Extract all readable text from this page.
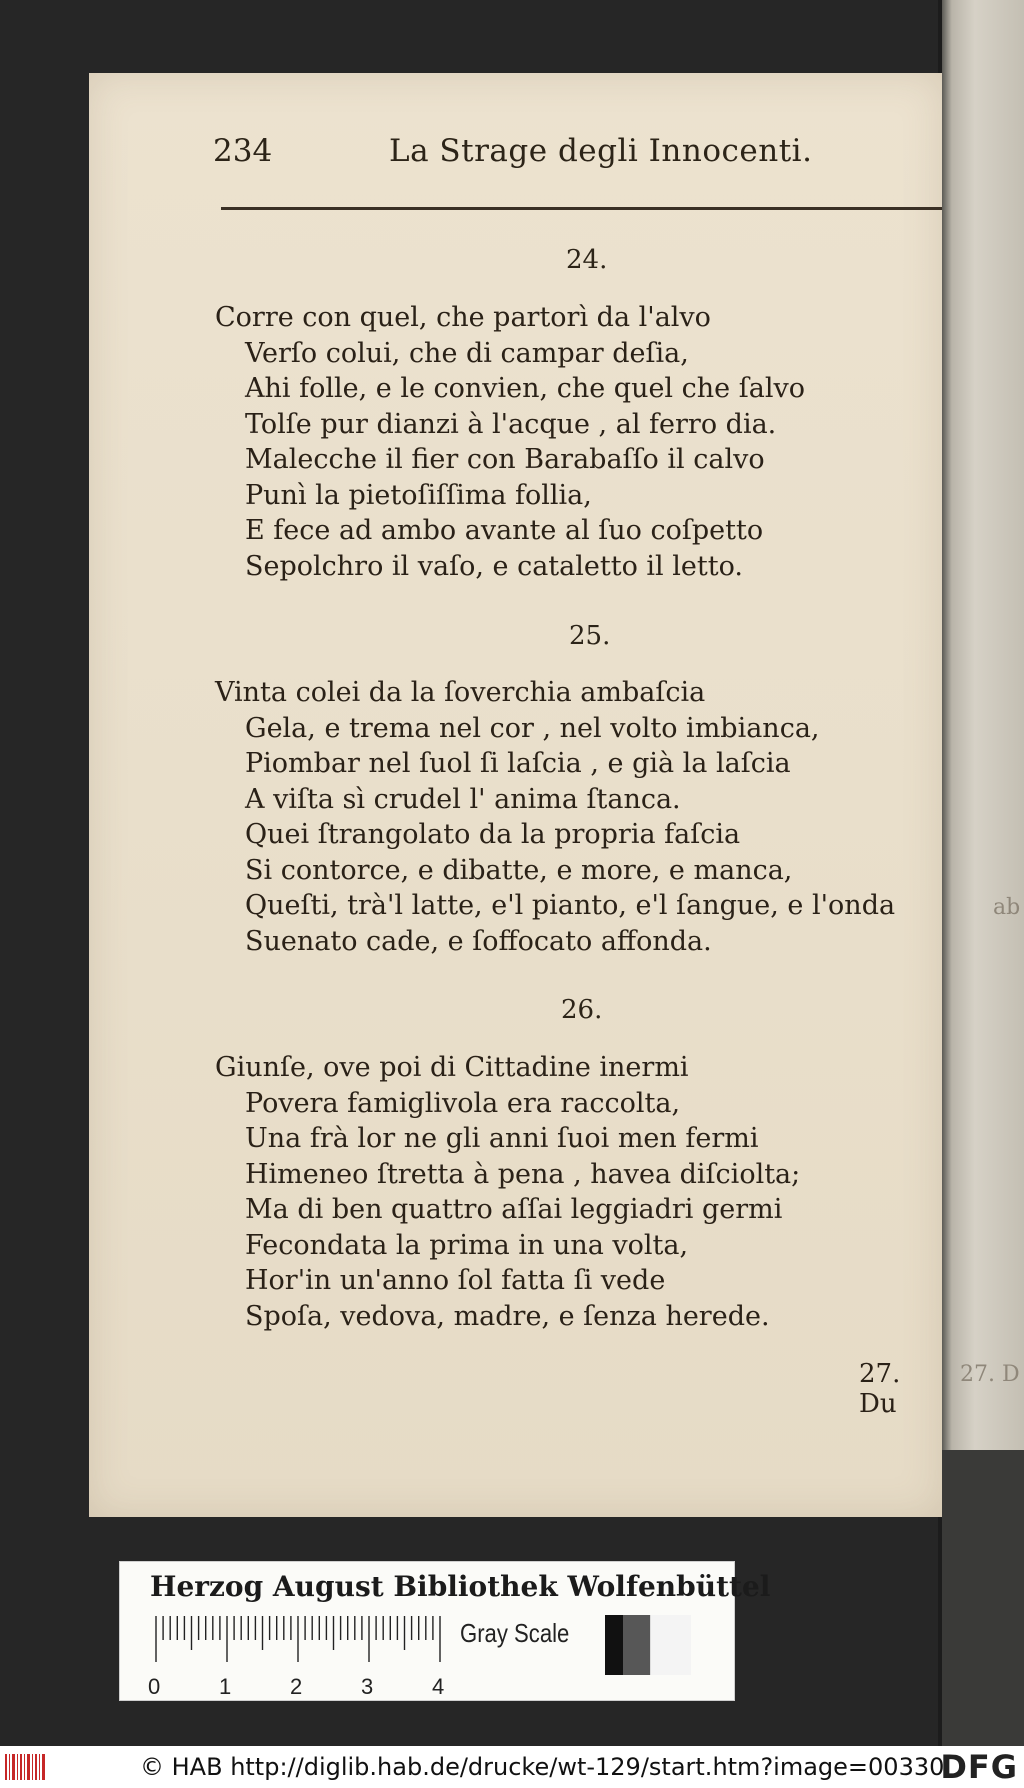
ab
27. D
234	La Strage degli Innocenti.
24.
Corre con quel, che partorì da l'alvo
Verſo colui, che di campar deſia,
Ahi folle, e le convien, che quel che ſalvo
Tolſe pur dianzi à l'acque , al ferro dia.
Malecche il fier con Barabaſſo il calvo
Punì la pietoſiſſima follia,
E fece ad ambo avante al ſuo coſpetto
Sepolchro il vaſo, e cataletto il letto.
25.
Vinta colei da la ſoverchia ambaſcia
Gela, e trema nel cor , nel volto imbianca,
Piombar nel ſuol ſi laſcia , e già la laſcia
A viſta sì crudel l' anima ſtanca.
Quei ſtrangolato da la propria faſcia
Si contorce, e dibatte, e more, e manca,
Queſti, trà'l latte, e'l pianto, e'l ſangue, e l'onda
Suenato cade, e ſoffocato affonda.
26.
Giunſe, ove poi di Cittadine inermi
Povera famiglivola era raccolta,
Una frà lor ne gli anni ſuoi men fermi
Himeneo ſtretta à pena , havea diſciolta;
Ma di ben quattro aſſai leggiadri germi
Fecondata la prima in una volta,
Hor'in un'anno ſol fatta ſi vede
Spoſa, vedova, madre, e ſenza herede.
27. Du
Herzog August Bibliothek Wolfenbüttel
0	1	2	3	4
Gray Scale
© HAB http://diglib.hab.de/drucke/wt-129/start.htm?image=00330
DFG
